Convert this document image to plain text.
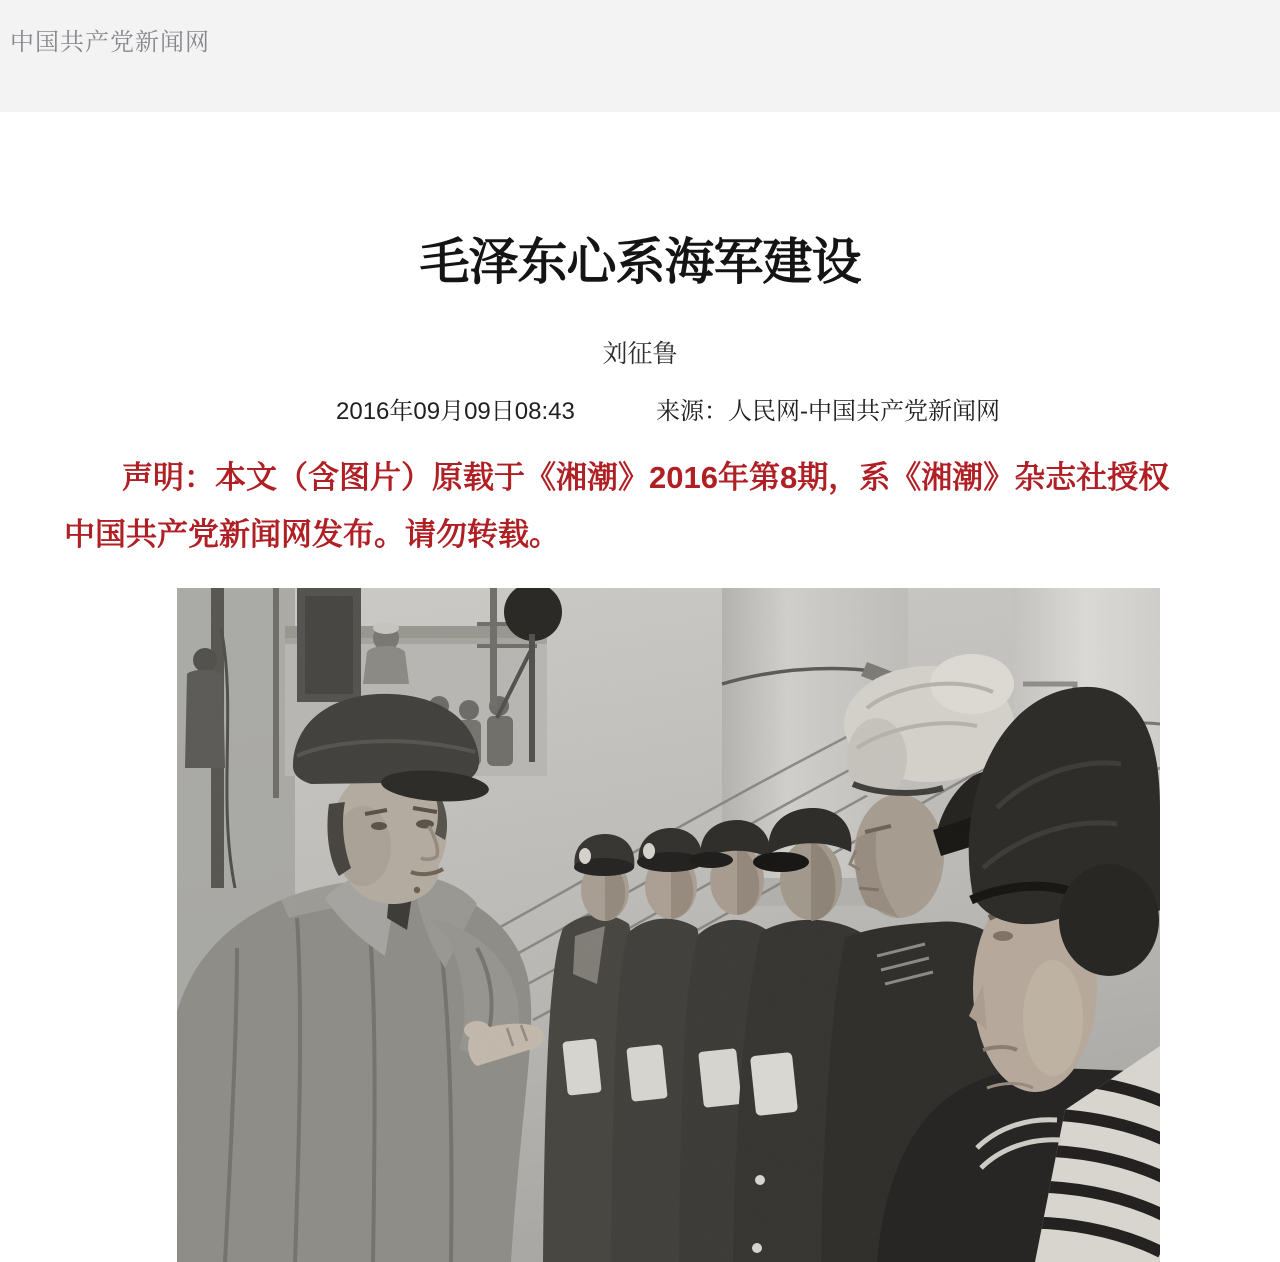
中国共产党新闻网
毛泽东心系海军建设
刘征鲁
2016年09月09日08:43	来源：人民网-中国共产党新闻网

声明：本文（含图片）原载于《湘潮》2016年第8期，系《湘潮》杂志社授权
中国共产党新闻网发布。请勿转载。
